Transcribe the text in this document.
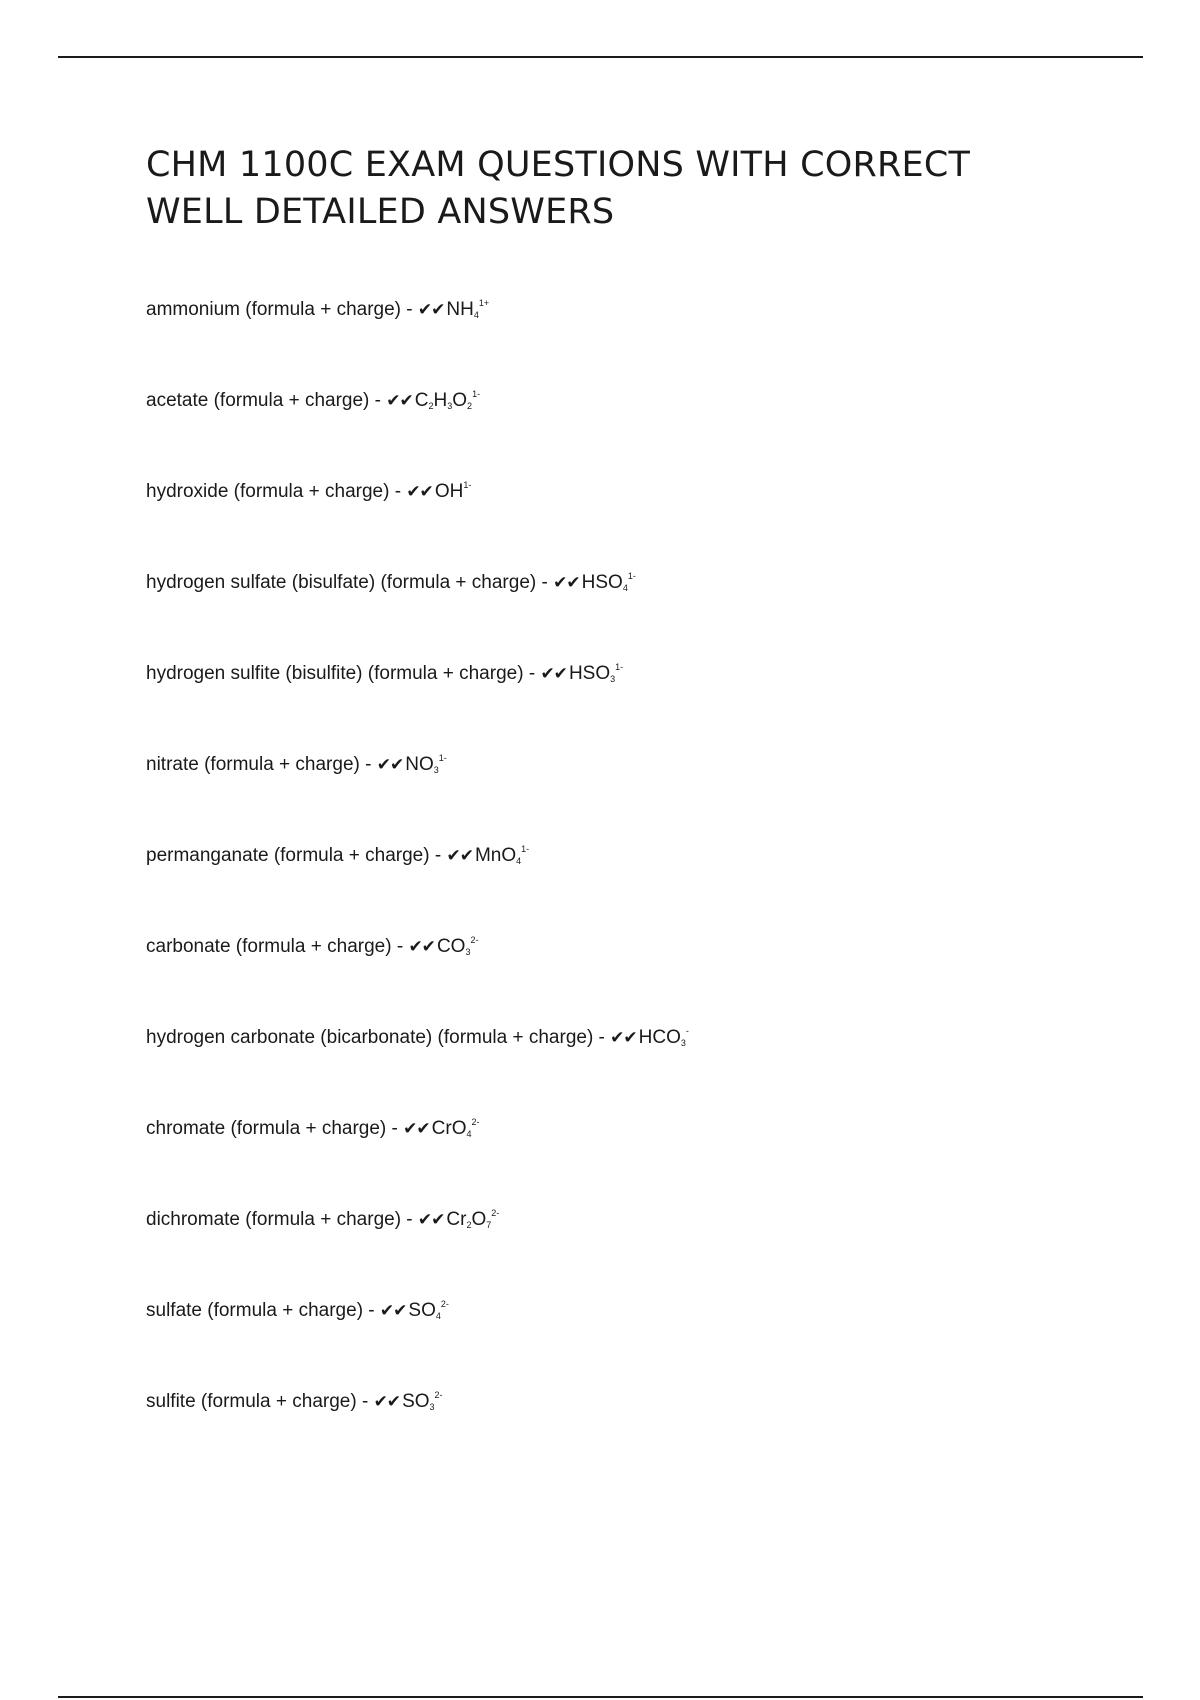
CHM 1100C EXAM QUESTIONS WITH CORRECT WELL DETAILED ANSWERS
ammonium (formula + charge) - ✔✔ $NH_4^{1+}$
acetate (formula + charge) - ✔✔ $C_2H_3O_2^{1-}$
hydroxide (formula + charge) - ✔✔ $OH^{1-}$
hydrogen sulfate (bisulfate) (formula + charge) - ✔✔ $HSO_4^{1-}$
hydrogen sulfite (bisulfite) (formula + charge) - ✔✔ $HSO_3^{1-}$
nitrate (formula + charge) - ✔✔ $NO_3^{1-}$
permanganate (formula + charge) - ✔✔ MnO$_4^{1-}$
carbonate (formula + charge) - ✔✔ $CO_3^{2-}$
hydrogen carbonate (bicarbonate) (formula + charge) - ✔✔ $HCO_3^-$
chromate (formula + charge) - ✔✔ CrO$_4^{2-}$
dichromate (formula + charge) - ✔✔ $Cr_2O_7^{2-}$
sulfate (formula + charge) - ✔✔ $SO_4^{2-}$
sulfite (formula + charge) - ✔✔ $SO_3^{2-}$
